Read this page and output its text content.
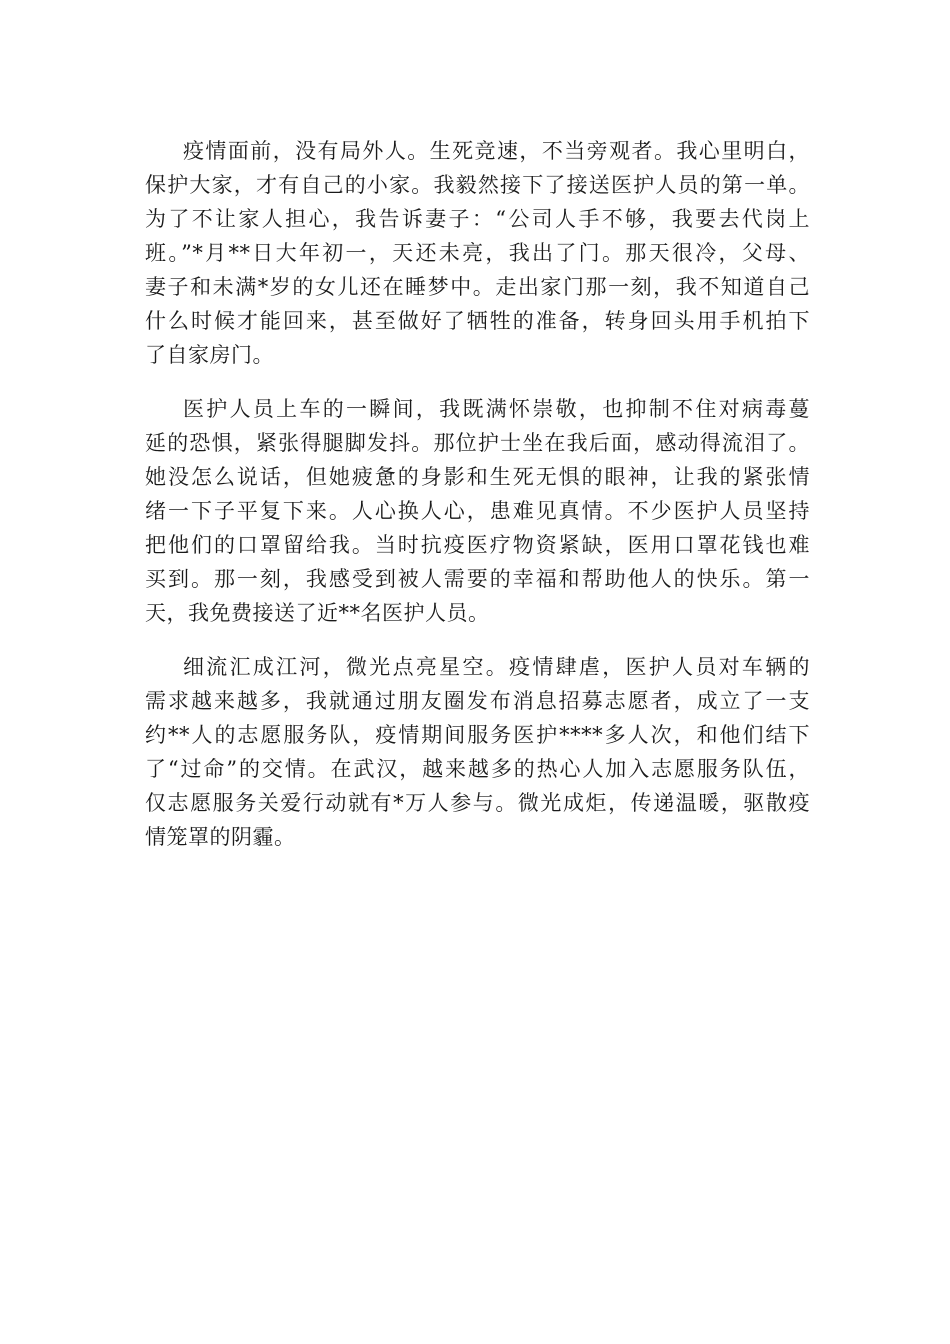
疫情面前，没有局外人。生死竞速，不当旁观者。我心里明白，
保护大家，才有自己的小家。我毅然接下了接送医护人员的第一单。
为了不让家人担心，我告诉妻子：“公司人手不够，我要去代岗上
班。”*月**日大年初一，天还未亮，我出了门。那天很冷，父母、
妻子和未满*岁的女儿还在睡梦中。走出家门那一刻，我不知道自己
什么时候才能回来，甚至做好了牺牲的准备，转身回头用手机拍下
了自家房门。
医护人员上车的一瞬间，我既满怀崇敬，也抑制不住对病毒蔓
延的恐惧，紧张得腿脚发抖。那位护士坐在我后面，感动得流泪了。
她没怎么说话，但她疲惫的身影和生死无惧的眼神，让我的紧张情
绪一下子平复下来。人心换人心，患难见真情。不少医护人员坚持
把他们的口罩留给我。当时抗疫医疗物资紧缺，医用口罩花钱也难
买到。那一刻，我感受到被人需要的幸福和帮助他人的快乐。第一
天，我免费接送了近**名医护人员。
细流汇成江河，微光点亮星空。疫情肆虐，医护人员对车辆的
需求越来越多，我就通过朋友圈发布消息招募志愿者，成立了一支
约**人的志愿服务队，疫情期间服务医护****多人次，和他们结下
了“过命”的交情。在武汉，越来越多的热心人加入志愿服务队伍，
仅志愿服务关爱行动就有*万人参与。微光成炬，传递温暖，驱散疫
情笼罩的阴霾。
